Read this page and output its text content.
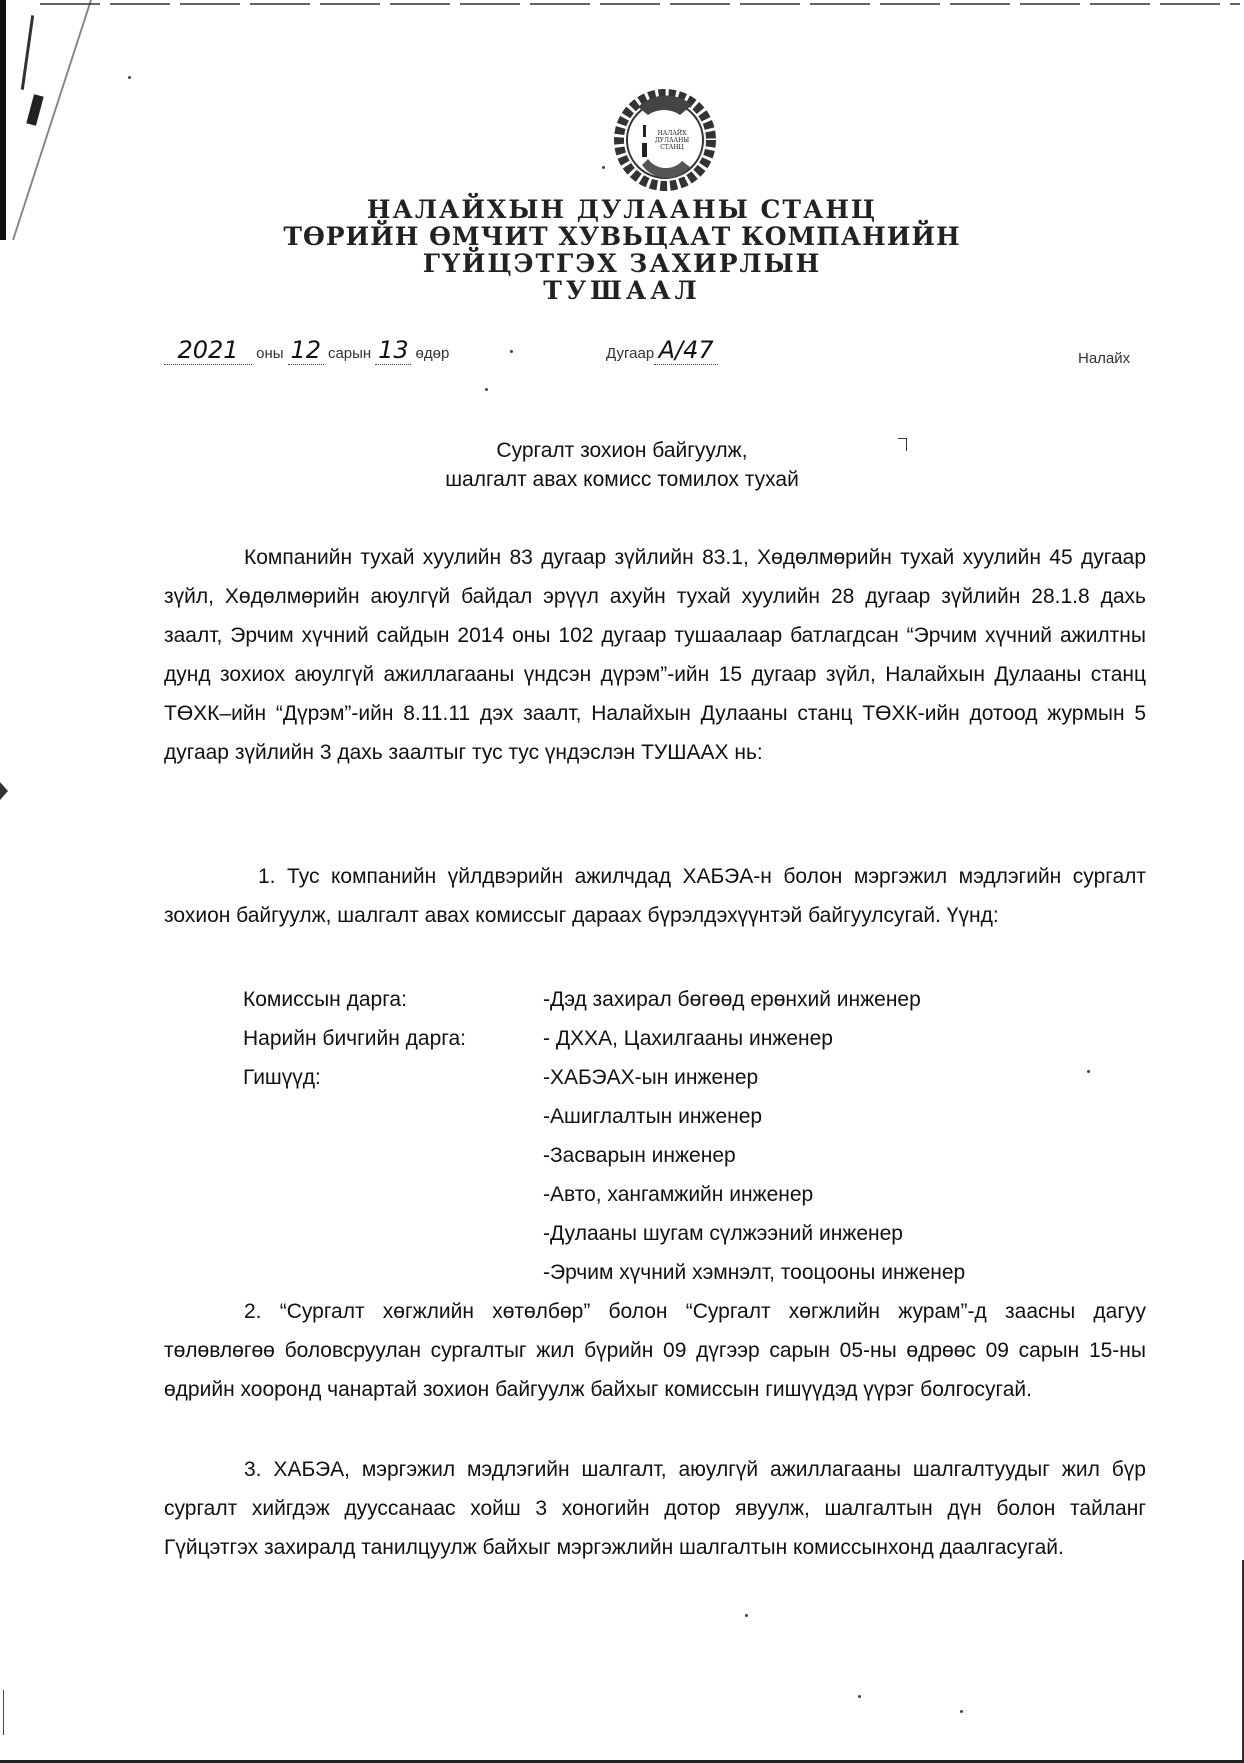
НАЛАЙХ
ДУЛААНЫ
СТАНЦ
НАЛАЙХЫН ДУЛААНЫ СТАНЦ
ТӨРИЙН ӨМЧИТ ХУВЬЦААТ КОМПАНИЙН
ГҮЙЦЭТГЭХ ЗАХИРЛЫН
ТУШААЛ
2021 оны 12 сарын 13 өдөр	Дугаар А/47	Налайх
Сургалт зохион байгуулж,
шалгалт авах комисс томилох тухай
Компанийн тухай хуулийн 83 дугаар зүйлийн 83.1, Хөдөлмөрийн тухай хуулийн 45 дугаар зүйл, Хөдөлмөрийн аюулгүй байдал эрүүл ахуйн тухай хуулийн 28 дугаар зүйлийн 28.1.8 дахь заалт, Эрчим хүчний сайдын 2014 оны 102 дугаар тушаалаар батлагдсан “Эрчим хүчний ажилтны дунд зохиох аюулгүй ажиллагааны үндсэн дүрэм”-ийн 15 дугаар зүйл, Налайхын Дулааны станц ТӨХК–ийн “Дүрэм”-ийн 8.11.11 дэх заалт, Налайхын Дулааны станц ТӨХК-ийн дотоод журмын 5 дугаар зүйлийн 3 дахь заалтыг тус тус үндэслэн ТУШААХ нь:
1. Тус компанийн үйлдвэрийн ажилчдад ХАБЭА-н болон мэргэжил мэдлэгийн сургалт зохион байгуулж, шалгалт авах комиссыг дараах бүрэлдэхүүнтэй байгуулсугай. Үүнд:
Комиссын дарга:	-Дэд захирал бөгөөд ерөнхий инженер
Нарийн бичгийн дарга:	- ДХХА, Цахилгааны инженер
Гишүүд:	-ХАБЭАХ-ын инженер
-Ашиглалтын инженер
-Засварын инженер
-Авто, хангамжийн инженер
-Дулааны шугам сүлжээний инженер
-Эрчим хүчний хэмнэлт, тооцооны инженер
2. “Сургалт хөгжлийн хөтөлбөр” болон “Сургалт хөгжлийн журам”-д заасны дагуу төлөвлөгөө боловсруулан сургалтыг жил бүрийн 09 дүгээр сарын 05-ны өдрөөс 09 сарын 15-ны өдрийн хооронд чанартай зохион байгуулж байхыг комиссын гишүүдэд үүрэг болгосугай.
3. ХАБЭА, мэргэжил мэдлэгийн шалгалт, аюулгүй ажиллагааны шалгалтуудыг жил бүр сургалт хийгдэж дууссанаас хойш 3 хоногийн дотор явуулж, шалгалтын дүн болон тайланг Гүйцэтгэх захиралд танилцуулж байхыг мэргэжлийн шалгалтын комиссынхонд даалгасугай.
